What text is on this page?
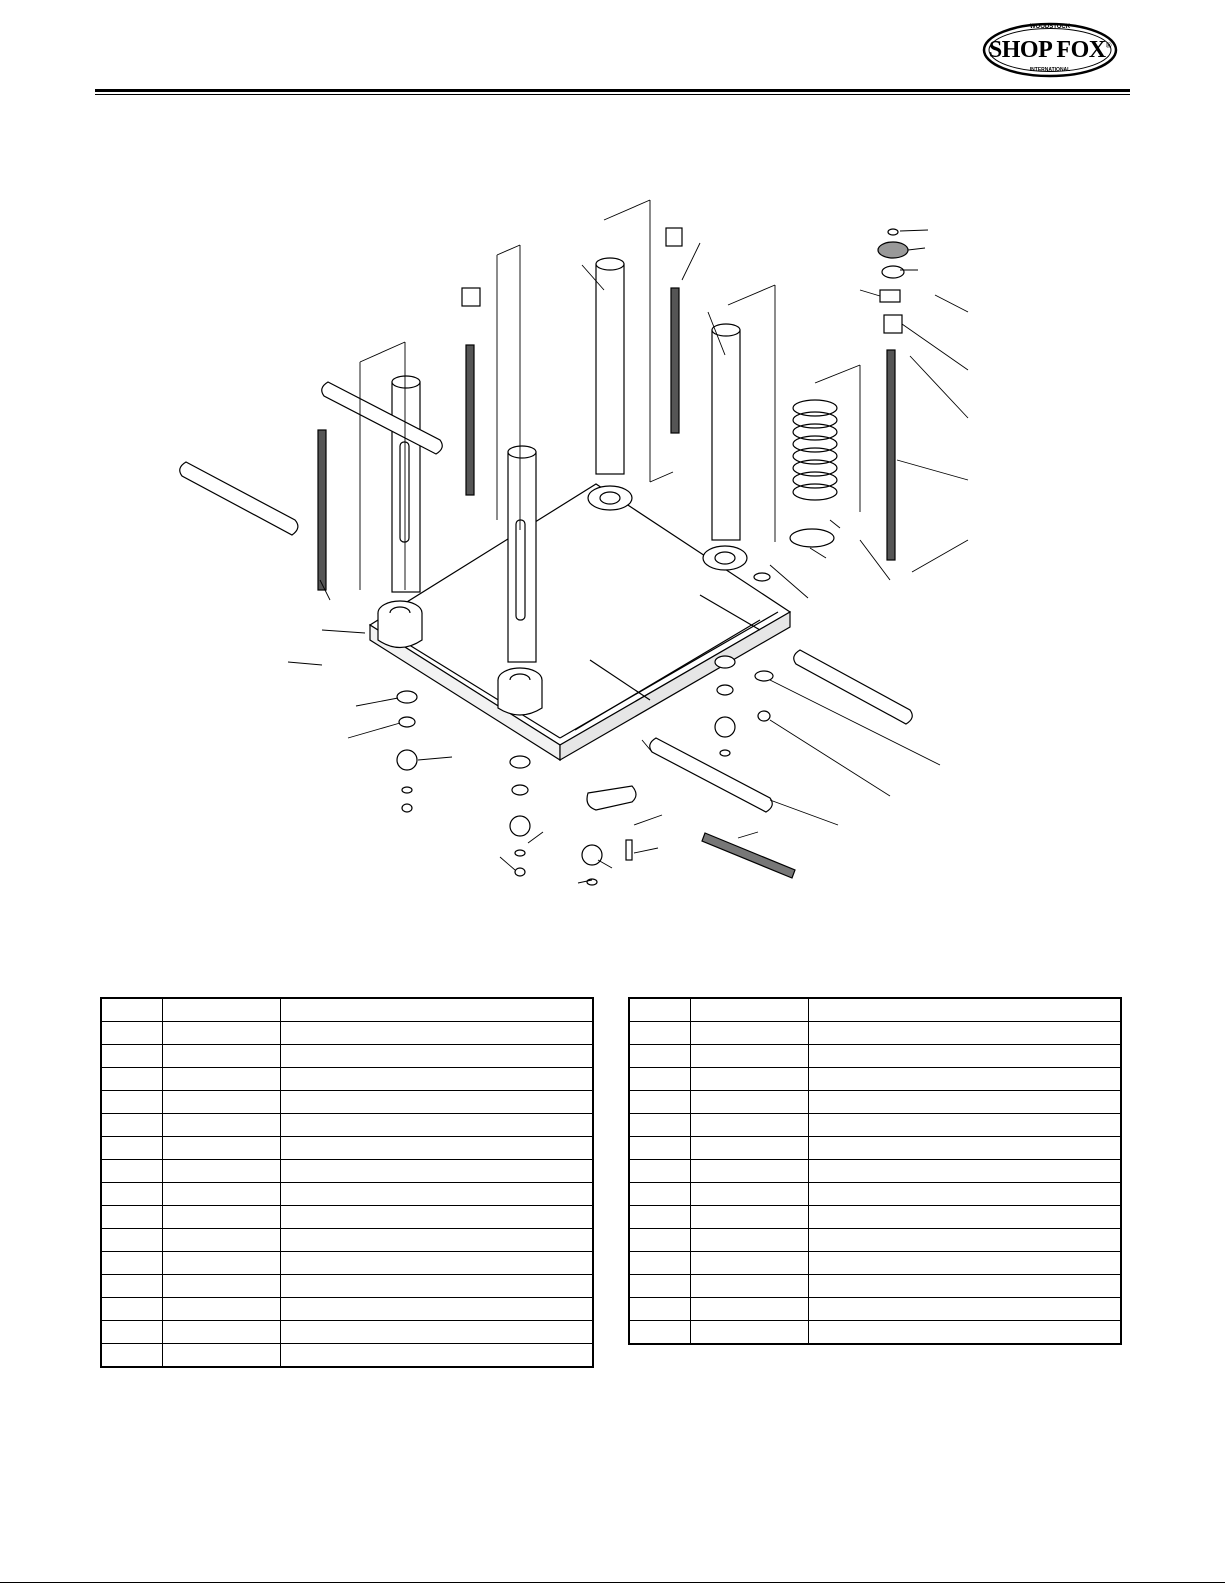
WOODSTOCK
SHOP FOX®
INTERNATIONAL
